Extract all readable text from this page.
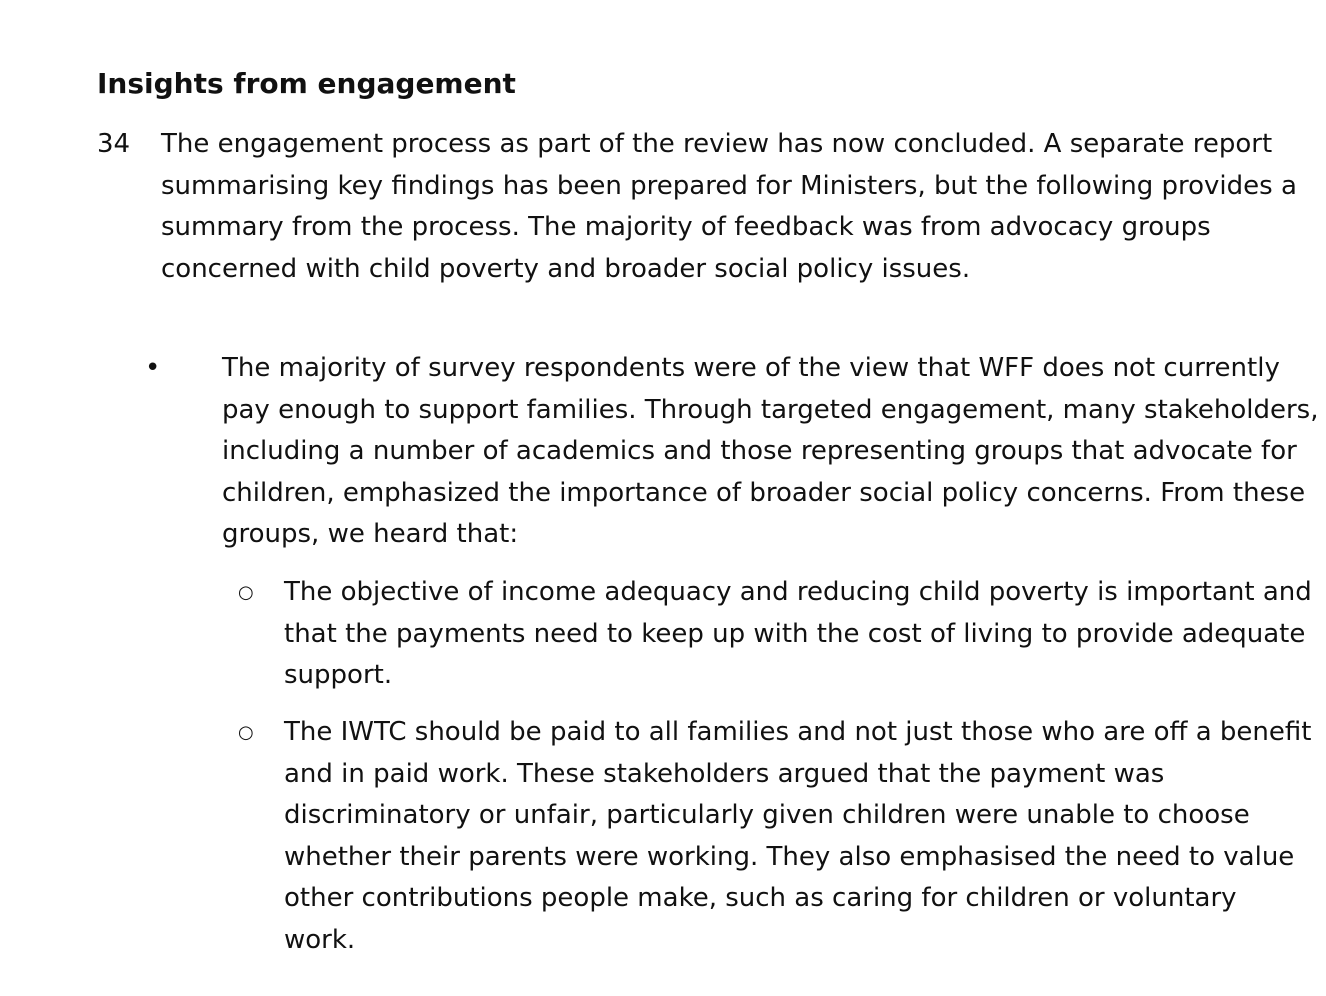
Insights from engagement
34	The engagement process as part of the review has now concluded. A separate report summarising key findings has been prepared for Ministers, but the following provides a summary from the process. The majority of feedback was from advocacy groups concerned with child poverty and broader social policy issues.
•	The majority of survey respondents were of the view that WFF does not currently pay enough to support families. Through targeted engagement, many stakeholders, including a number of academics and those representing groups that advocate for children, emphasized the importance of broader social policy concerns. From these groups, we heard that:
○ The objective of income adequacy and reducing child poverty is important and that the payments need to keep up with the cost of living to provide adequate support.
○ The IWTC should be paid to all families and not just those who are off a benefit and in paid work. These stakeholders argued that the payment was discriminatory or unfair, particularly given children were unable to choose whether their parents were working. They also emphasised the need to value other contributions people make, such as caring for children or voluntary work.
